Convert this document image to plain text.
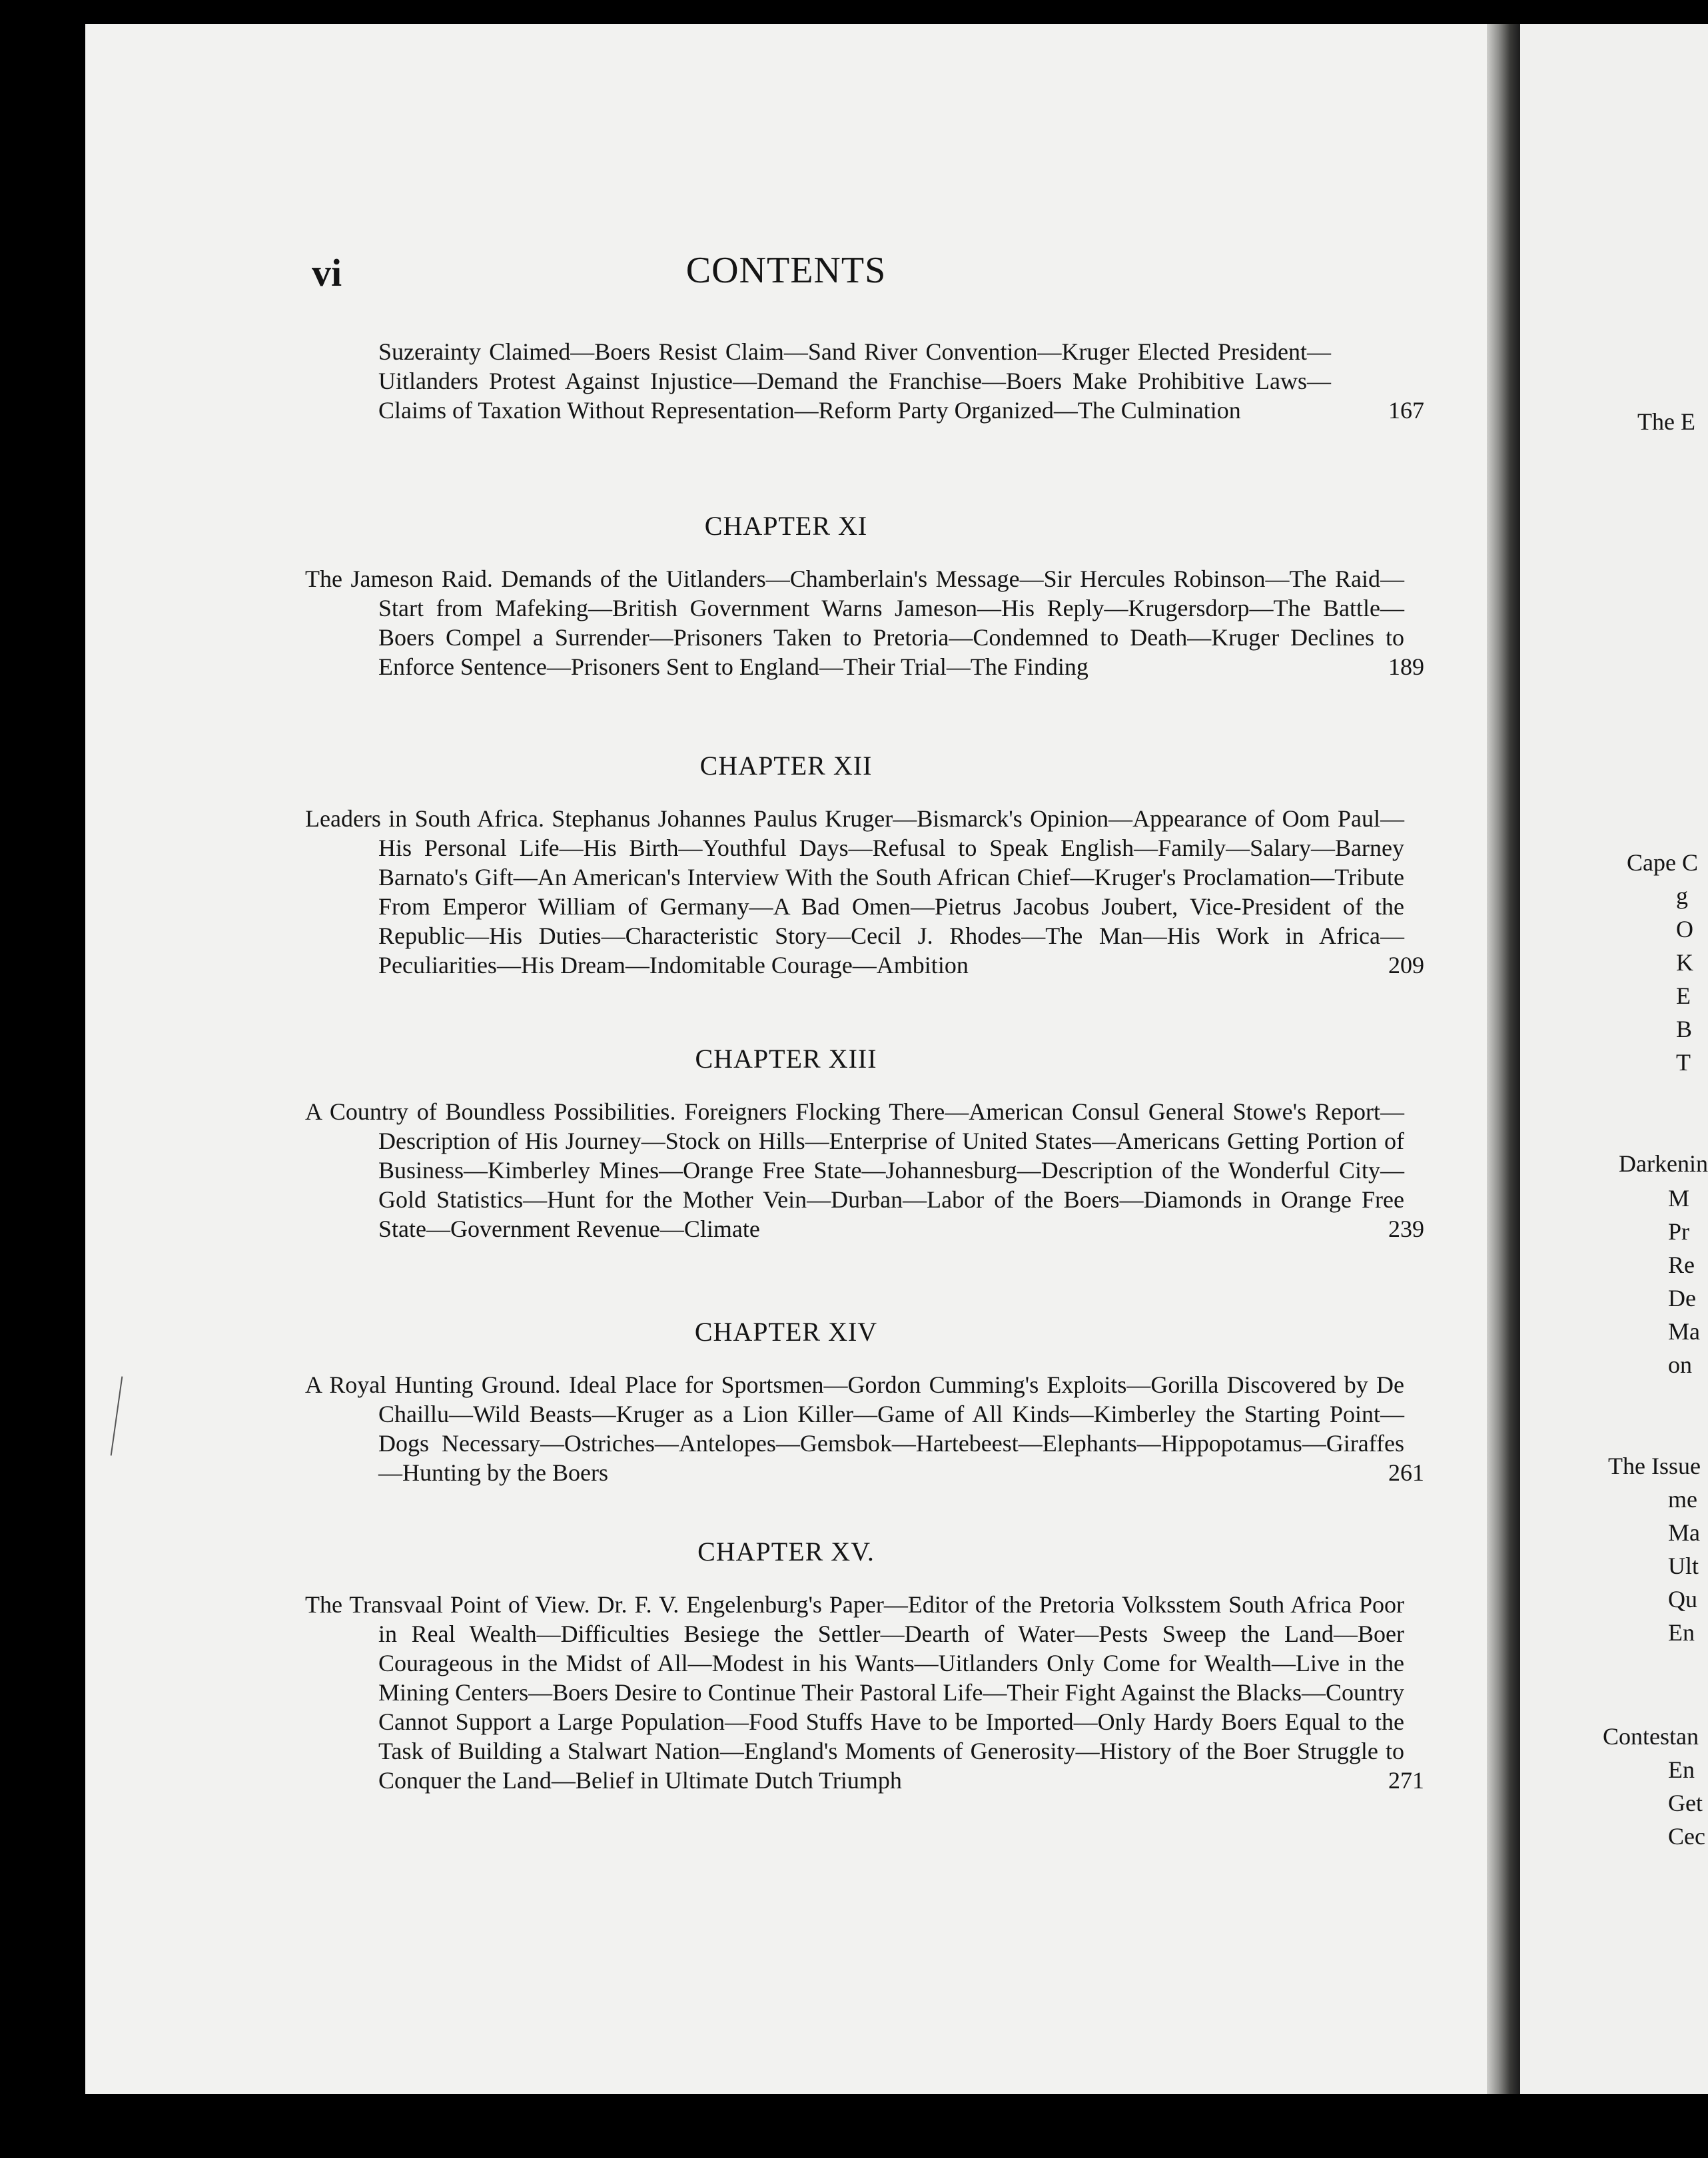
vi	CONTENTS
Suzerainty Claimed—Boers Resist Claim—Sand River Convention—Kruger Elected President—Uitlanders Protest Against Injustice—Demand the Franchise—Boers Make Prohibitive Laws—Claims of Taxation Without Representation—Reform Party Organized—The Culmination	167
CHAPTER XI
The Jameson Raid. Demands of the Uitlanders—Chamberlain's Message—Sir Hercules Robinson—The Raid—Start from Mafeking—British Government Warns Jameson—His Reply—Krugersdorp—The Battle—Boers Compel a Surrender—Prisoners Taken to Pretoria—Condemned to Death—Kruger Declines to Enforce Sentence—Prisoners Sent to England—Their Trial—The Finding	189
CHAPTER XII
Leaders in South Africa. Stephanus Johannes Paulus Kruger—Bismarck's Opinion—Appearance of Oom Paul—His Personal Life—His Birth—Youthful Days—Refusal to Speak English—Family—Salary—Barney Barnato's Gift—An American's Interview With the South African Chief—Kruger's Proclamation—Tribute From Emperor William of Germany—A Bad Omen—Pietrus Jacobus Joubert, Vice-President of the Republic—His Duties—Characteristic Story—Cecil J. Rhodes—The Man—His Work in Africa—Peculiarities—His Dream—Indomitable Courage—Ambition	209
CHAPTER XIII
A Country of Boundless Possibilities. Foreigners Flocking There—American Consul General Stowe's Report—Description of His Journey—Stock on Hills—Enterprise of United States—Americans Getting Portion of Business—Kimberley Mines—Orange Free State—Johannesburg—Description of the Wonderful City—Gold Statistics—Hunt for the Mother Vein—Durban—Labor of the Boers—Diamonds in Orange Free State—Government Revenue—Climate	239
CHAPTER XIV
A Royal Hunting Ground. Ideal Place for Sportsmen—Gordon Cumming's Exploits—Gorilla Discovered by De Chaillu—Wild Beasts—Kruger as a Lion Killer—Game of All Kinds—Kimberley the Starting Point—Dogs Necessary—Ostriches—Antelopes—Gemsbok—Hartebeest—Elephants—Hippopotamus—Giraffes—Hunting by the Boers	261
CHAPTER XV.
The Transvaal Point of View. Dr. F. V. Engelenburg's Paper—Editor of the Pretoria Volksstem South Africa Poor in Real Wealth—Difficulties Besiege the Settler—Dearth of Water—Pests Sweep the Land—Boer Courageous in the Midst of All—Modest in his Wants—Uitlanders Only Come for Wealth—Live in the Mining Centers—Boers Desire to Continue Their Pastoral Life—Their Fight Against the Blacks—Country Cannot Support a Large Population—Food Stuffs Have to be Imported—Only Hardy Boers Equal to the Task of Building a Stalwart Nation—England's Moments of Generosity—History of the Boer Struggle to Conquer the Land—Belief in Ultimate Dutch Triumph	271
The E
Cape C
g
O
K
E
B
T
Darkenin
M
Pr
Re
De
Ma
on
The Issue
me
Ma
Ult
Qu
En
Contestan
En
Get
Cec
